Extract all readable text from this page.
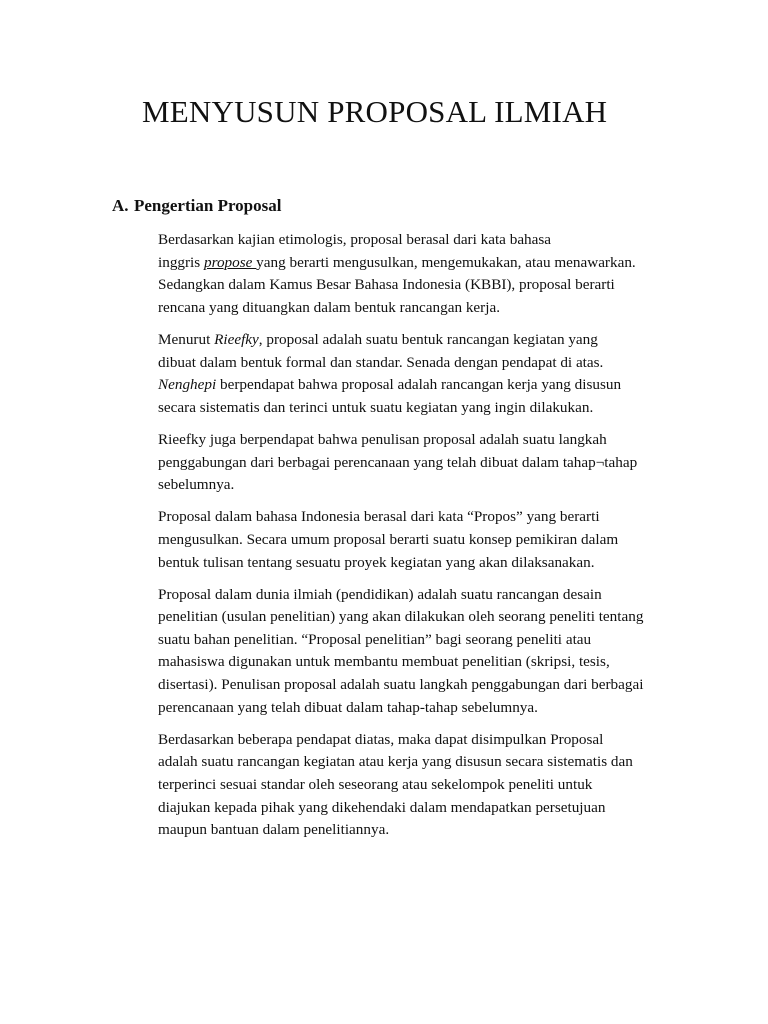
MENYUSUN PROPOSAL ILMIAH
A. Pengertian Proposal

Berdasarkan kajian etimologis, proposal berasal dari kata bahasa
inggris propose yang berarti mengusulkan, mengemukakan, atau menawarkan.
Sedangkan dalam Kamus Besar Bahasa Indonesia (KBBI), proposal berarti
rencana yang dituangkan dalam bentuk rancangan kerja.

Menurut Rieefky, proposal adalah suatu bentuk rancangan kegiatan yang
dibuat dalam bentuk formal dan standar. Senada dengan pendapat di atas.
Nenghepi berpendapat bahwa proposal adalah rancangan kerja yang disusun
secara sistematis dan terinci untuk suatu kegiatan yang ingin dilakukan.

Rieefky juga berpendapat bahwa penulisan proposal adalah suatu langkah
penggabungan dari berbagai perencanaan yang telah dibuat dalam tahap¬tahap
sebelumnya.

Proposal dalam bahasa Indonesia berasal dari kata “Propos” yang berarti
mengusulkan. Secara umum proposal berarti suatu konsep pemikiran dalam
bentuk tulisan tentang sesuatu proyek kegiatan yang akan dilaksanakan.

Proposal dalam dunia ilmiah (pendidikan) adalah suatu rancangan desain
penelitian (usulan penelitian) yang akan dilakukan oleh seorang peneliti tentang
suatu bahan penelitian. “Proposal penelitian” bagi seorang peneliti atau
mahasiswa digunakan untuk membantu membuat penelitian (skripsi, tesis,
disertasi). Penulisan proposal adalah suatu langkah penggabungan dari berbagai
perencanaan yang telah dibuat dalam tahap-tahap sebelumnya.

Berdasarkan beberapa pendapat diatas, maka dapat disimpulkan Proposal
adalah suatu rancangan kegiatan atau kerja yang disusun secara sistematis dan
terperinci sesuai standar oleh seseorang atau sekelompok peneliti untuk
diajukan kepada pihak yang dikehendaki dalam mendapatkan persetujuan
maupun bantuan dalam penelitiannya.
